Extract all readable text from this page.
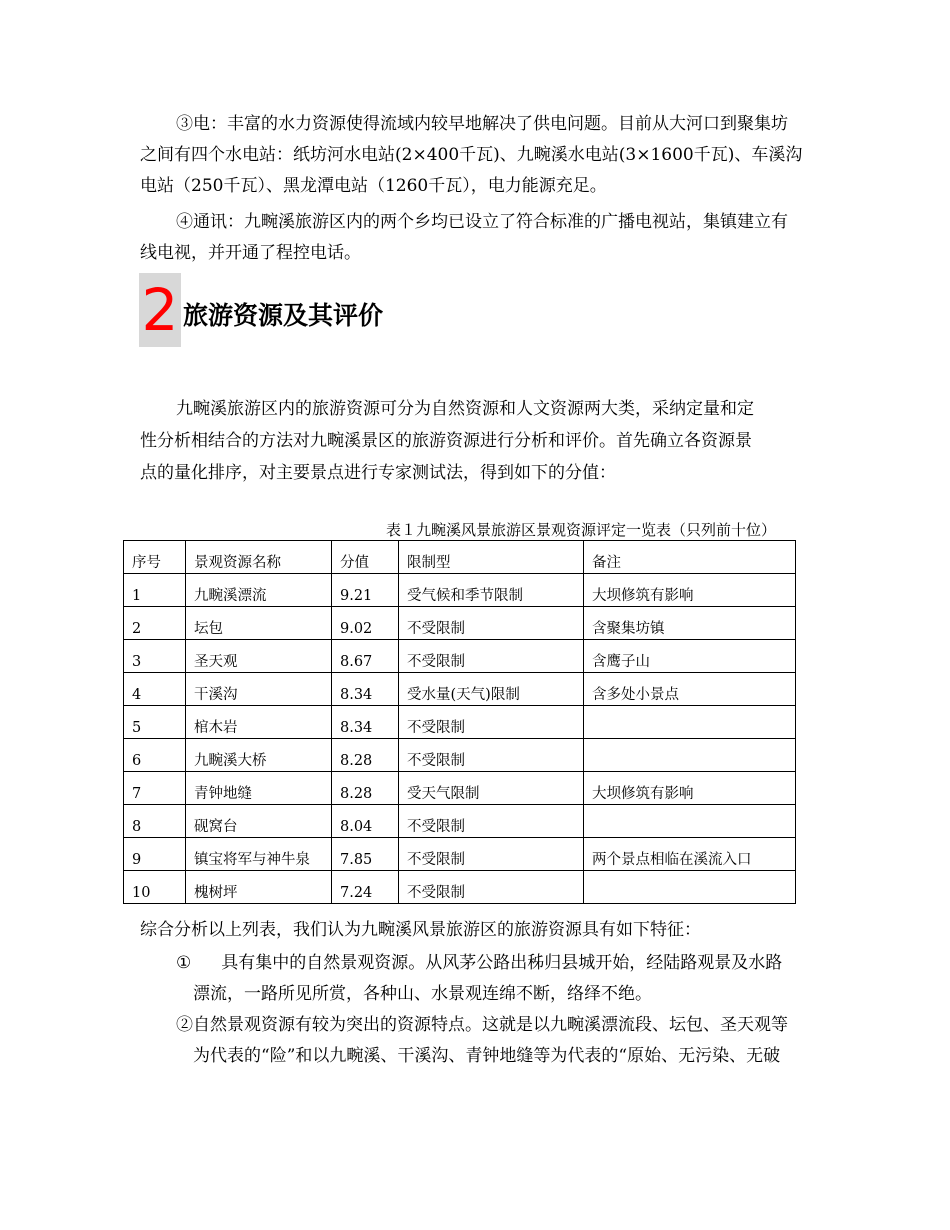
③电：丰富的水力资源使得流域内较早地解决了供电问题。目前从大河口到聚集坊
之间有四个水电站：纸坊河水电站(2×400千瓦)、九畹溪水电站(3×1600千瓦)、车溪沟
电站（250千瓦）、黑龙潭电站（1260千瓦），电力能源充足。

④通讯：九畹溪旅游区内的两个乡均已设立了符合标准的广播电视站，集镇建立有
线电视，并开通了程控电话。

2 旅游资源及其评价

九畹溪旅游区内的旅游资源可分为自然资源和人文资源两大类，采纳定量和定
性分析相结合的方法对九畹溪景区的旅游资源进行分析和评价。首先确立各资源景
点的量化排序，对主要景点进行专家测试法，得到如下的分值：

表１九畹溪风景旅游区景观资源评定一览表（只列前十位）
序号	景观资源名称	分值	限制型	备注
1	九畹溪漂流	9.21	受气候和季节限制	大坝修筑有影响
2	坛包	9.02	不受限制	含聚集坊镇
3	圣天观	8.67	不受限制	含鹰子山
4	干溪沟	8.34	受水量(天气)限制	含多处小景点
5	棺木岩	8.34	不受限制	
6	九畹溪大桥	8.28	不受限制	
7	青钟地缝	8.28	受天气限制	大坝修筑有影响
8	砚窝台	8.04	不受限制	
9	镇宝将军与神牛泉	7.85	不受限制	两个景点相临在溪流入口
10	槐树坪	7.24	不受限制	

综合分析以上列表，我们认为九畹溪风景旅游区的旅游资源具有如下特征：

① 具有集中的自然景观资源。从风茅公路出秭归县城开始，经陆路观景及水路

漂流，一路所见所赏，各种山、水景观连绵不断，络绎不绝。

②自然景观资源有较为突出的资源特点。这就是以九畹溪漂流段、坛包、圣天观等

为代表的“险”和以九畹溪、干溪沟、青钟地缝等为代表的“原始、无污染、无破
